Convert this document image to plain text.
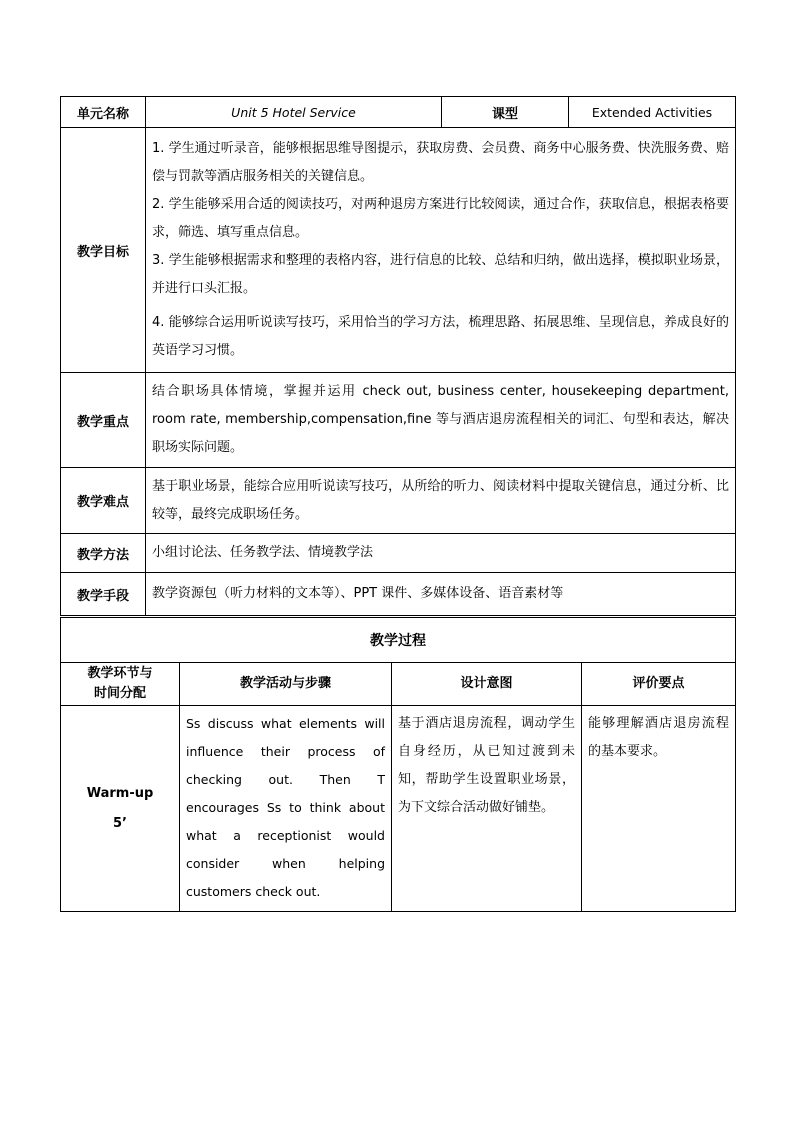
单元名称	Unit 5 Hotel Service	课型	Extended Activities
教学目标	1. 学生通过听录音，能够根据思维导图提示，获取房费、会员费、商务中心服务费、快洗服务费、赔偿与罚款等酒店服务相关的关键信息。

2. 学生能够采用合适的阅读技巧，对两种退房方案进行比较阅读，通过合作，获取信息，根据表格要求，筛选、填写重点信息。

3. 学生能够根据需求和整理的表格内容，进行信息的比较、总结和归纳，做出选择，模拟职业场景，并进行口头汇报。

4. 能够综合运用听说读写技巧，采用恰当的学习方法，梳理思路、拓展思维、呈现信息，养成良好的英语学习习惯。		

教学重点	结合职场具体情境，掌握并运用 check out, business center, housekeeping department, room rate, membership,compensation,fine 等与酒店退房流程相关的词汇、句型和表达，解决职场实际问题。		
教学难点	基于职业场景，能综合应用听说读写技巧，从所给的听力、阅读材料中提取关键信息，通过分析、比较等，最终完成职场任务。		
教学方法	小组讨论法、任务教学法、情境教学法		
教学手段	教学资源包（听力材料的文本等）、PPT 课件、多媒体设备、语音素材等		
教学过程			

教学环节与
时间分配	教学活动与步骤	设计意图	评价要点

Warm-up
5’	Ss discuss what elements will influence their process of checking out. Then T encourages Ss to think about what a receptionist would consider when helping customers check out.	基于酒店退房流程，调动学生自身经历，从已知过渡到未知，帮助学生设置职业场景，为下文综合活动做好铺垫。	能够理解酒店退房流程的基本要求。
